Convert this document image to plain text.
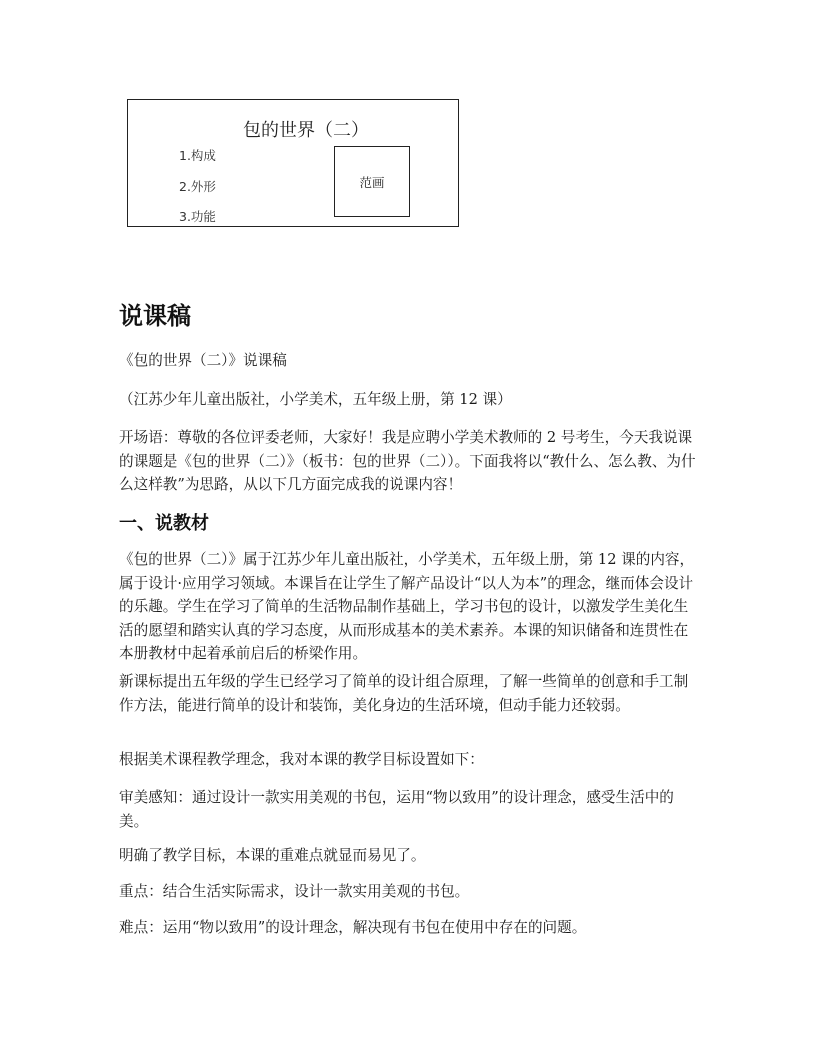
包的世界（二）
1.构成
2.外形
3.功能
范画
说课稿

《包的世界（二）》说课稿

（江苏少年儿童出版社，小学美术，五年级上册，第 12 课）

开场语：尊敬的各位评委老师，大家好！我是应聘小学美术教师的 2 号考生，今天我说课的课题是《包的世界（二）》（板书：包的世界（二））。下面我将以“教什么、怎么教、为什么这样教”为思路，从以下几方面完成我的说课内容！

一、说教材

《包的世界（二）》属于江苏少年儿童出版社，小学美术，五年级上册，第 12 课的内容，属于设计·应用学习领域。本课旨在让学生了解产品设计“以人为本”的理念，继而体会设计的乐趣。学生在学习了简单的生活物品制作基础上，学习书包的设计，以激发学生美化生活的愿望和踏实认真的学习态度，从而形成基本的美术素养。本课的知识储备和连贯性在本册教材中起着承前启后的桥梁作用。

新课标提出五年级的学生已经学习了简单的设计组合原理，了解一些简单的创意和手工制作方法，能进行简单的设计和装饰，美化身边的生活环境，但动手能力还较弱。

根据美术课程教学理念，我对本课的教学目标设置如下：

审美感知：通过设计一款实用美观的书包，运用“物以致用”的设计理念，感受生活中的美。

明确了教学目标，本课的重难点就显而易见了。

重点：结合生活实际需求，设计一款实用美观的书包。

难点：运用“物以致用”的设计理念，解决现有书包在使用中存在的问题。
